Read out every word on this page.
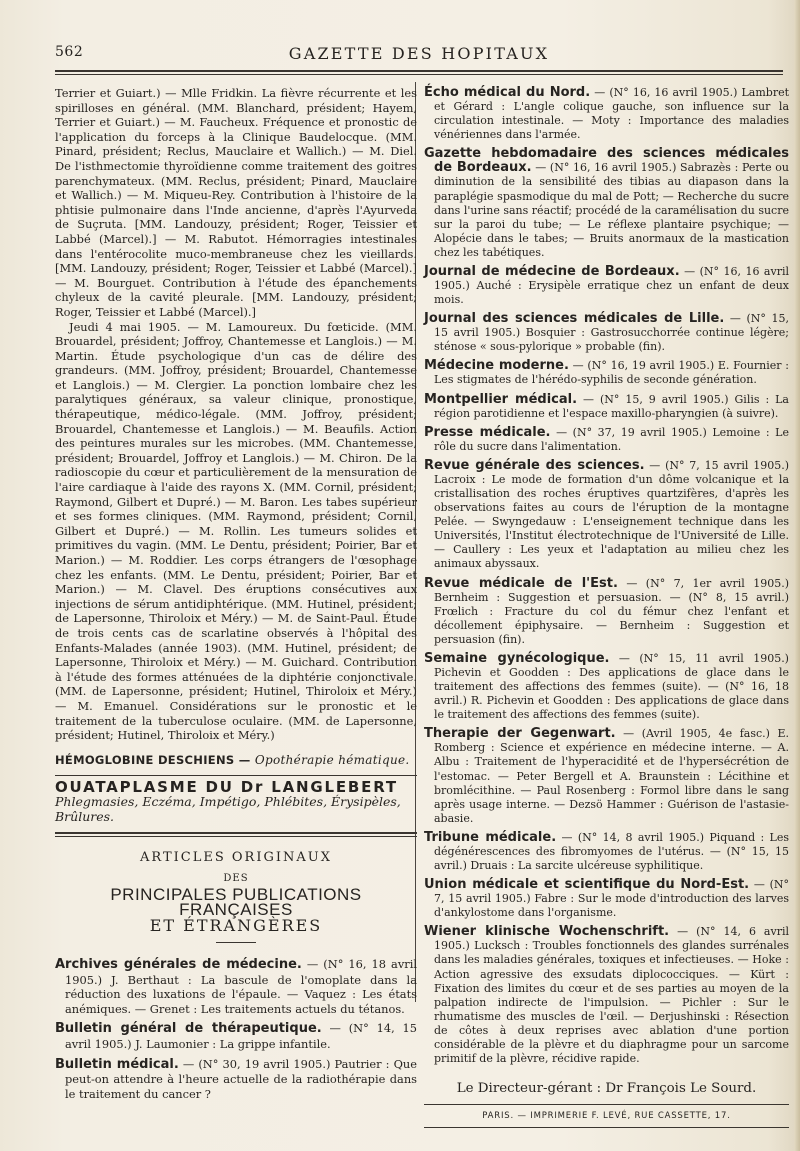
562	GAZETTE DES HOPITAUX

Terrier et Guiart.) — Mlle Fridkin. La fièvre récurrente et les spirilloses en général. (MM. Blanchard, président; Hayem, Terrier et Guiart.) — M. Faucheux. Fréquence et pronostic de l'application du forceps à la Clinique Baudelocque. (MM. Pinard, président; Reclus, Mauclaire et Wallich.) — M. Diel. De l'isthmectomie thyroïdienne comme traitement des goitres parenchymateux. (MM. Reclus, président; Pinard, Mauclaire et Wallich.) — M. Miqueu-Rey. Contribution à l'histoire de la phtisie pulmonaire dans l'Inde ancienne, d'après l'Ayurveda de Suçruta. [MM. Landouzy, président; Roger, Teissier et Labbé (Marcel).] — M. Rabutot. Hémorragies intestinales dans l'entérocolite muco-membraneuse chez les vieillards. [MM. Landouzy, président; Roger, Teissier et Labbé (Marcel).] — M. Bourguet. Contribution à l'étude des épanchements chyleux de la cavité pleurale. [MM. Landouzy, président; Roger, Teissier et Labbé (Marcel).]

Jeudi 4 mai 1905. — M. Lamoureux. Du fœticide. (MM. Brouardel, président; Joffroy, Chantemesse et Langlois.) — M. Martin. Étude psychologique d'un cas de délire des grandeurs. (MM. Joffroy, président; Brouardel, Chantemesse et Langlois.) — M. Clergier. La ponction lombaire chez les paralytiques généraux, sa valeur clinique, pronostique, thérapeutique, médico-légale. (MM. Joffroy, président; Brouardel, Chantemesse et Langlois.) — M. Beaufils. Action des peintures murales sur les microbes. (MM. Chantemesse, président; Brouardel, Joffroy et Langlois.) — M. Chiron. De la radioscopie du cœur et particulièrement de la mensuration de l'aire cardiaque à l'aide des rayons X. (MM. Cornil, président; Raymond, Gilbert et Dupré.) — M. Baron. Les tabes supérieur et ses formes cliniques. (MM. Raymond, président; Cornil, Gilbert et Dupré.) — M. Rollin. Les tumeurs solides et primitives du vagin. (MM. Le Dentu, président; Poirier, Bar et Marion.) — M. Roddier. Les corps étrangers de l'œsophage chez les enfants. (MM. Le Dentu, président; Poirier, Bar et Marion.) — M. Clavel. Des éruptions consécutives aux injections de sérum antidiphtérique. (MM. Hutinel, président; de Lapersonne, Thiroloix et Méry.) — M. de Saint-Paul. Étude de trois cents cas de scarlatine observés à l'hôpital des Enfants-Malades (année 1903). (MM. Hutinel, président; de Lapersonne, Thiroloix et Méry.) — M. Guichard. Contribution à l'étude des formes atténuées de la diphtérie conjonctivale. (MM. de Lapersonne, président; Hutinel, Thiroloix et Méry.) — M. Emanuel. Considérations sur le pronostic et le traitement de la tuberculose oculaire. (MM. de Lapersonne, président; Hutinel, Thiroloix et Méry.)

HÉMOGLOBINE DESCHIENS — Opothérapie hématique.
OUATAPLASME DU Dr LANGLEBERT
Phlegmasies, Eczéma, Impétigo, Phlébites, Érysipèles, Brûlures.
ARTICLES ORIGINAUX
DES
PRINCIPALES PUBLICATIONS FRANÇAISES
ET ÉTRANGÈRES

Archives générales de médecine. — (N° 16, 18 avril 1905.) J. Berthaut : La bascule de l'omoplate dans la réduction des luxations de l'épaule. — Vaquez : Les états anémiques. — Grenet : Les traitements actuels du tétanos.

Bulletin général de thérapeutique. — (N° 14, 15 avril 1905.) J. Laumonier : La grippe infantile.

Bulletin médical. — (N° 30, 19 avril 1905.) Pautrier : Que peut-on attendre à l'heure actuelle de la radiothérapie dans le traitement du cancer ?

Écho médical du Nord. — (N° 16, 16 avril 1905.) Lambret et Gérard : L'angle colique gauche, son influence sur la circulation intestinale. — Moty : Importance des maladies vénériennes dans l'armée.

Gazette hebdomadaire des sciences médicales de Bordeaux. — (N° 16, 16 avril 1905.) Sabrazès : Perte ou diminution de la sensibilité des tibias au diapason dans la paraplégie spasmodique du mal de Pott; — Recherche du sucre dans l'urine sans réactif; procédé de la caramélisation du sucre sur la paroi du tube; — Le réflexe plantaire psychique; — Alopécie dans le tabes; — Bruits anormaux de la mastication chez les tabétiques.

Journal de médecine de Bordeaux. — (N° 16, 16 avril 1905.) Auché : Erysipèle erratique chez un enfant de deux mois.

Journal des sciences médicales de Lille. — (N° 15, 15 avril 1905.) Bosquier : Gastrosucchorrée continue légère; sténose « sous-pylorique » probable (fin).

Médecine moderne. — (N° 16, 19 avril 1905.) E. Fournier : Les stigmates de l'hérédo-syphilis de seconde génération.

Montpellier médical. — (N° 15, 9 avril 1905.) Gilis : La région parotidienne et l'espace maxillo-pharyngien (à suivre).

Presse médicale. — (N° 37, 19 avril 1905.) Lemoine : Le rôle du sucre dans l'alimentation.

Revue générale des sciences. — (N° 7, 15 avril 1905.) Lacroix : Le mode de formation d'un dôme volcanique et la cristallisation des roches éruptives quartzifères, d'après les observations faites au cours de l'éruption de la montagne Pelée. — Swyngedauw : L'enseignement technique dans les Universités, l'Institut électrotechnique de l'Université de Lille. — Caullery : Les yeux et l'adaptation au milieu chez les animaux abyssaux.

Revue médicale de l'Est. — (N° 7, 1er avril 1905.) Bernheim : Suggestion et persuasion. — (N° 8, 15 avril.) Frœlich : Fracture du col du fémur chez l'enfant et décollement épiphysaire. — Bernheim : Suggestion et persuasion (fin).

Semaine gynécologique. — (N° 15, 11 avril 1905.) Pichevin et Goodden : Des applications de glace dans le traitement des affections des femmes (suite). — (N° 16, 18 avril.) R. Pichevin et Goodden : Des applications de glace dans le traitement des affections des femmes (suite).

Therapie der Gegenwart. — (Avril 1905, 4e fasc.) E. Romberg : Science et expérience en médecine interne. — A. Albu : Traitement de l'hyperacidité et de l'hypersécrétion de l'estomac. — Peter Bergell et A. Braunstein : Lécithine et bromlécithine. — Paul Rosenberg : Formol libre dans le sang après usage interne. — Dezsö Hammer : Guérison de l'astasie-abasie.

Tribune médicale. — (N° 14, 8 avril 1905.) Piquand : Les dégénérescences des fibromyomes de l'utérus. — (N° 15, 15 avril.) Druais : La sarcite ulcéreuse syphilitique.

Union médicale et scientifique du Nord-Est. — (N° 7, 15 avril 1905.) Fabre : Sur le mode d'introduction des larves d'ankylostome dans l'organisme.

Wiener klinische Wochenschrift. — (N° 14, 6 avril 1905.) Lucksch : Troubles fonctionnels des glandes surrénales dans les maladies générales, toxiques et infectieuses. — Hoke : Action agressive des exsudats diplococciques. — Kürt : Fixation des limites du cœur et de ses parties au moyen de la palpation indirecte de l'impulsion. — Pichler : Sur le rhumatisme des muscles de l'œil. — Derjushinski : Résection de côtes à deux reprises avec ablation d'une portion considérable de la plèvre et du diaphragme pour un sarcome primitif de la plèvre, récidive rapide.

Le Directeur-gérant : Dr François Le Sourd.
PARIS. — IMPRIMERIE F. LEVÉ, RUE CASSETTE, 17.
